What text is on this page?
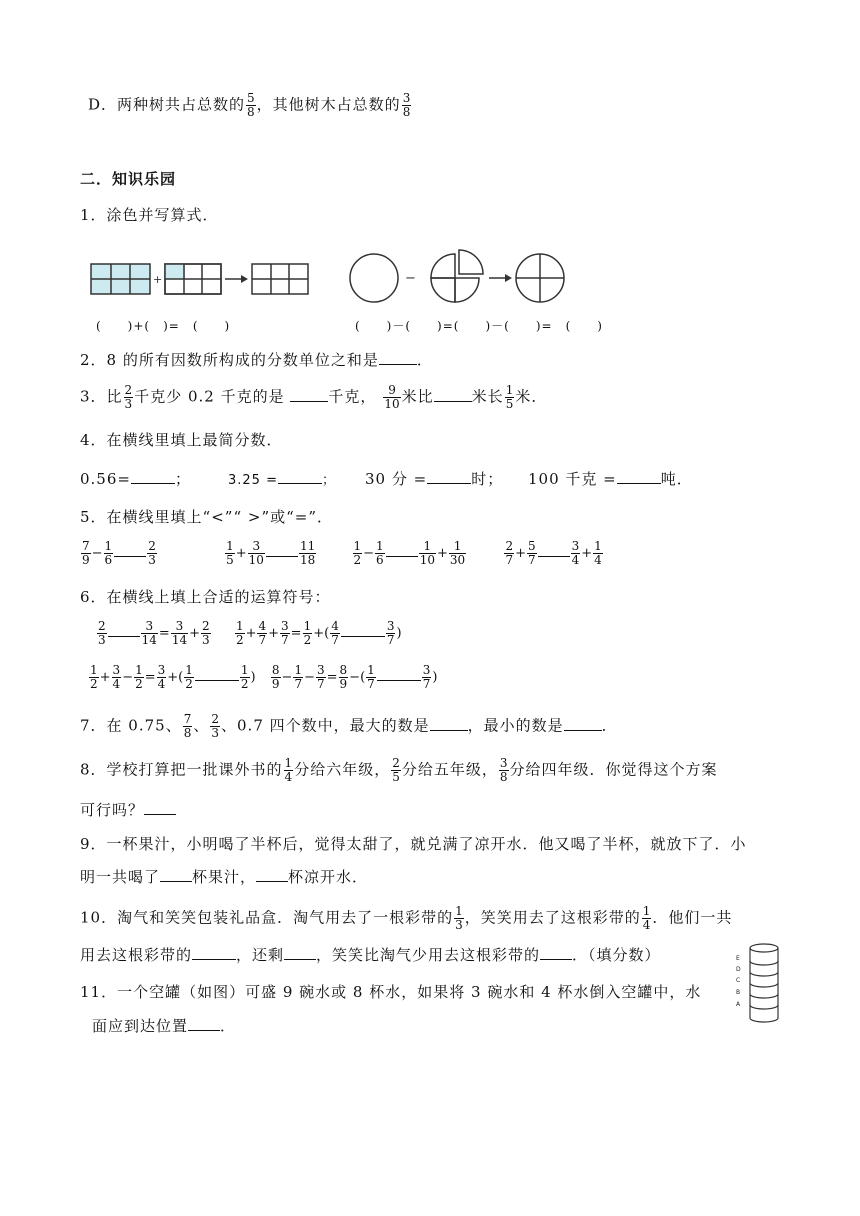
D．两种树共占总数的 $\frac{5}{8}$ ，其他树木占总数的 $\frac{3}{8}$
二．知识乐园
1．涂色并写算式．
+	−
(　　)+(　)=　(　　)	(　　)－(　　)=(　　)－(　　)=　(　　)
2．8 的所有因数所构成的分数单位之和是	．
3．比 $\frac{2}{3}$ 千克少 0.2 千克的是	千克， $\frac{9}{10}$ 米比	米长 $\frac{1}{5}$ 米．
4．在横线里填上最简分数．
0.56=	；	3.25 =	； 30 分 =	时； 100 千克 =	吨．
5．在横线里填上“<”“ >”或“=”．
$\frac{7}{9} - \frac{1}{6}$	$\frac{2}{3}$
	$\frac{1}{5} + \frac{3}{10}$	$\frac{11}{18}$
	$\frac{1}{2} - \frac{1}{6}$	$\frac{1}{10} + \frac{1}{30}$
	$\frac{2}{7} + \frac{5}{7}$	$\frac{3}{4} + \frac{1}{4}$
6．在横线上填上合适的运算符号：
$\frac{2}{3}$	$\frac{3}{14} = \frac{3}{14} + \frac{2}{3}$
$\frac{1}{2} + \frac{4}{7} + \frac{3}{7} = \frac{1}{2}$ +( $\frac{4}{7}$	$\frac{3}{7}$ )
$\frac{1}{2} + \frac{3}{4} - \frac{1}{2} = \frac{3}{4}$ +( $\frac{1}{2}$	$\frac{1}{2}$ ) $\frac{8}{9} - \frac{1}{7} - \frac{3}{7} = \frac{8}{9}$ −( $\frac{1}{7}$	$\frac{3}{7}$ )
7．在 0.75、 $\frac{7}{8}$ 、 $\frac{2}{3}$ 、0.7 四个数中，最大的数是	，最小的数是	．
8．学校打算把一批课外书的 $\frac{1}{4}$ 分给六年级， $\frac{2}{5}$ 分给五年级， $\frac{3}{8}$ 分给四年级．你觉得这个方案
可行吗？
9．一杯果汁，小明喝了半杯后，觉得太甜了，就兑满了凉开水．他又喝了半杯，就放下了．小
明一共喝了 杯果汁， 杯凉开水．
10．淘气和笑笑包装礼品盒．淘气用去了一根彩带的 $\frac{1}{3}$ ，笑笑用去了这根彩带的 $\frac{1}{4}$ ．他们一共
用去这根彩带的	，还剩 ，笑笑比淘气少用去这根彩带的 ．（填分数）
11．一个空罐（如图）可盛 9 碗水或 8 杯水，如果将 3 碗水和 4 杯水倒入空罐中，水
面应到达位置 ．
E
D
C
B
A
